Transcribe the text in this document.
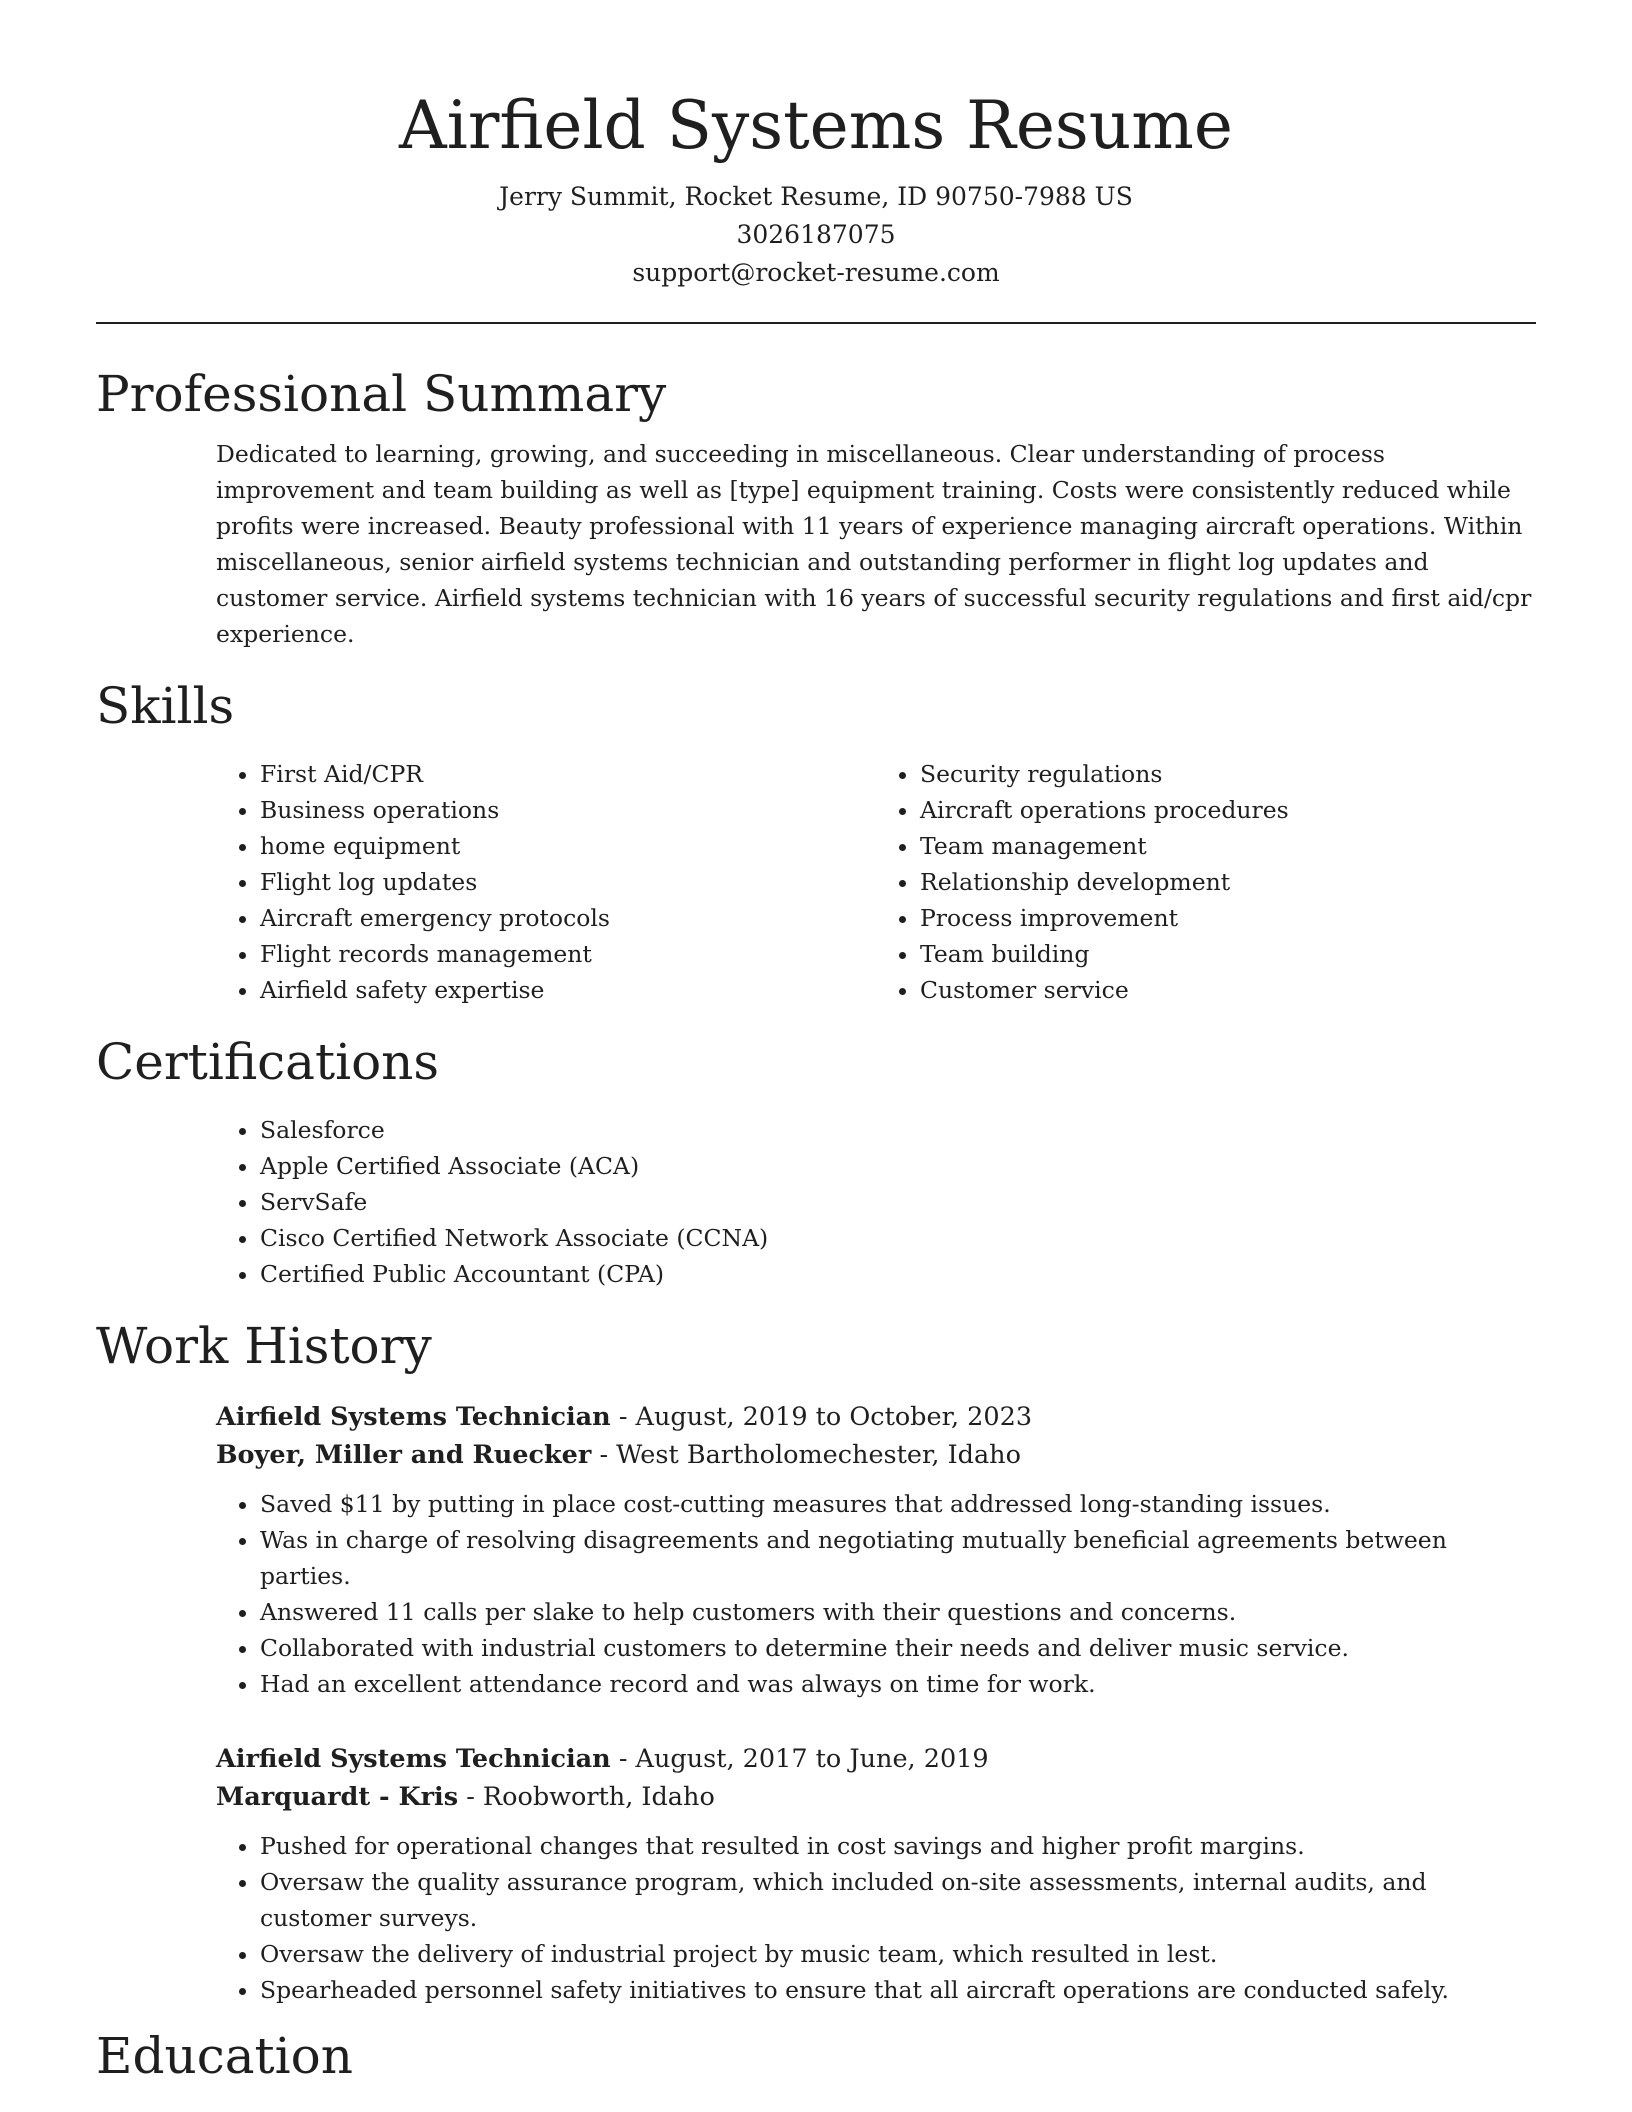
Airfield Systems Resume
Jerry Summit, Rocket Resume, ID 90750-7988 US
3026187075
support@rocket-resume.com
Professional Summary
Dedicated to learning, growing, and succeeding in miscellaneous. Clear understanding of process improvement and team building as well as [type] equipment training. Costs were consistently reduced while profits were increased. Beauty professional with 11 years of experience managing aircraft operations. Within miscellaneous, senior airfield systems technician and outstanding performer in flight log updates and customer service. Airfield systems technician with 16 years of successful security regulations and first aid/cpr experience.
Skills
• First Aid/CPR
• Business operations
• home equipment
• Flight log updates
• Aircraft emergency protocols
• Flight records management
• Airfield safety expertise
• Security regulations
• Aircraft operations procedures
• Team management
• Relationship development
• Process improvement
• Team building
• Customer service
Certifications
• Salesforce
• Apple Certified Associate (ACA)
• ServSafe
• Cisco Certified Network Associate (CCNA)
• Certified Public Accountant (CPA)
Work History
Airfield Systems Technician - August, 2019 to October, 2023
Boyer, Miller and Ruecker - West Bartholomechester, Idaho
• Saved $11 by putting in place cost-cutting measures that addressed long-standing issues.
• Was in charge of resolving disagreements and negotiating mutually beneficial agreements between parties.
• Answered 11 calls per slake to help customers with their questions and concerns.
• Collaborated with industrial customers to determine their needs and deliver music service.
• Had an excellent attendance record and was always on time for work.
Airfield Systems Technician - August, 2017 to June, 2019
Marquardt - Kris - Roobworth, Idaho
• Pushed for operational changes that resulted in cost savings and higher profit margins.
• Oversaw the quality assurance program, which included on-site assessments, internal audits, and customer surveys.
• Oversaw the delivery of industrial project by music team, which resulted in lest.
• Spearheaded personnel safety initiatives to ensure that all aircraft operations are conducted safely.
Education
